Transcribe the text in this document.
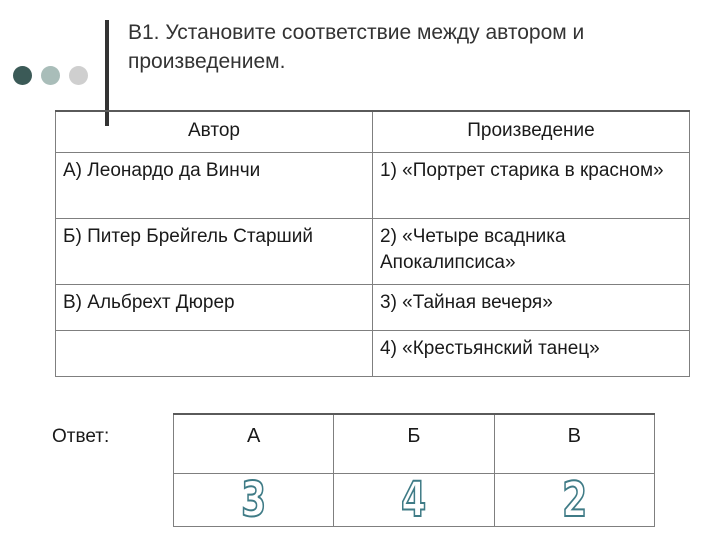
В1. Установите соответствие между автором и произведением.
Автор	Произведение
А) Леонардо да Винчи	1) «Портрет старика в красном»
Б) Питер Брейгель Старший	2) «Четыре всадника Апокалипсиса»
В) Альбрехт Дюрер	3) «Тайная вечеря»
	4) «Крестьянский танец»
Ответ:	А	Б	В
3	4	2
